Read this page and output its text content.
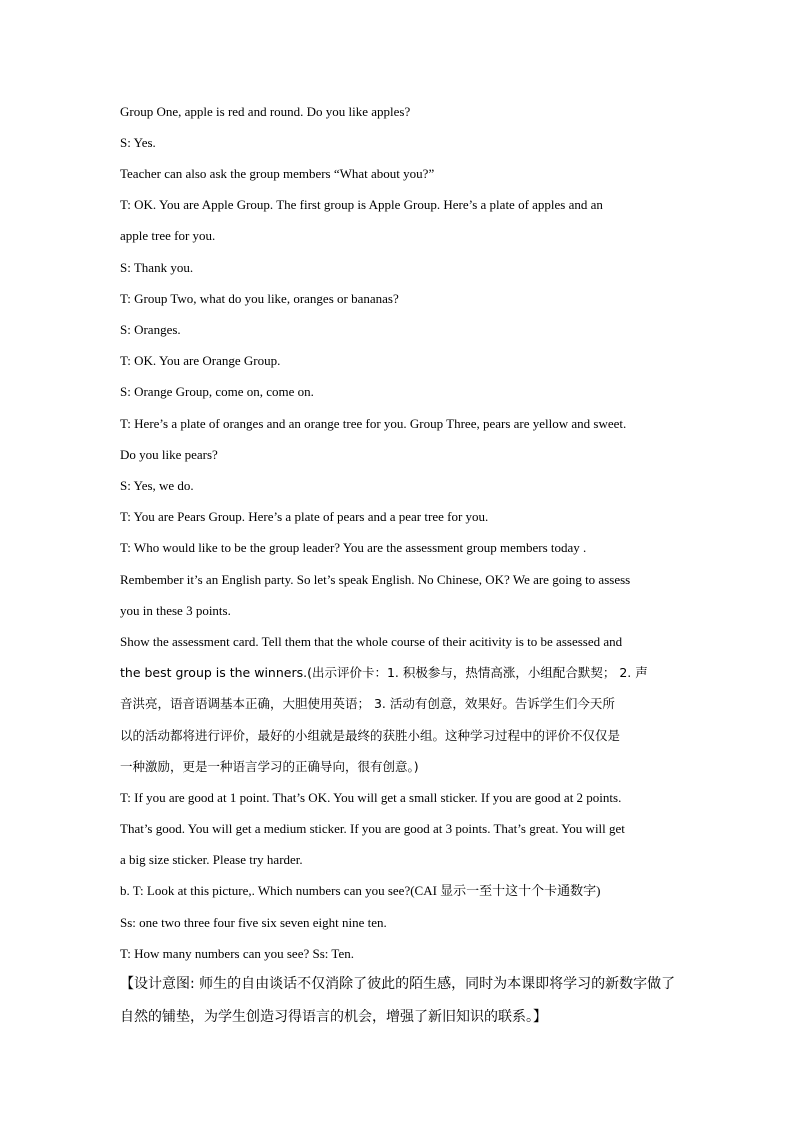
Group One, apple is red and round. Do you like apples?
S: Yes.
Teacher can also ask the group members “What about you?”
T: OK. You are Apple Group. The first group is Apple Group. Here’s a plate of apples and an
apple tree for you.
S: Thank you.
T: Group Two, what do you like, oranges or bananas?
S: Oranges.
T: OK. You are Orange Group.
S: Orange Group, come on, come on.
T: Here’s a plate of oranges and an orange tree for you. Group Three, pears are yellow and sweet.
Do you like pears?
S: Yes, we do.
T: You are Pears Group. Here’s a plate of pears and a pear tree for you.
T: Who would like to be the group leader? You are the assessment group members today .
Rembember it’s an English party. So let’s speak English. No Chinese, OK? We are going to assess
you in these 3 points.
Show the assessment card. Tell them that the whole course of their acitivity is to be assessed and
the best group is the winners.(出示评价卡：1. 积极参与，热情高涨，小组配合默契； 2. 声
音洪亮，语音语调基本正确，大胆使用英语； 3. 活动有创意，效果好。告诉学生们今天所
以的活动都将进行评价，最好的小组就是最终的获胜小组。这种学习过程中的评价不仅仅是
一种激励，更是一种语言学习的正确导向，很有创意。)
T: If you are good at 1 point. That’s OK. You will get a small sticker. If you are good at 2 points.
That’s good. You will get a medium sticker. If you are good at 3 points. That’s great. You will get
a big size sticker. Please try harder.
b. T: Look at this picture,. Which numbers can you see?(CAI 显示一至十这十个卡通数字)
Ss: one two three four five six seven eight nine ten.
T: How many numbers can you see? Ss: Ten.
【设计意图: 师生的自由谈话不仅消除了彼此的陌生感，同时为本课即将学习的新数字做了
自然的铺垫，为学生创造习得语言的机会，增强了新旧知识的联系。】
